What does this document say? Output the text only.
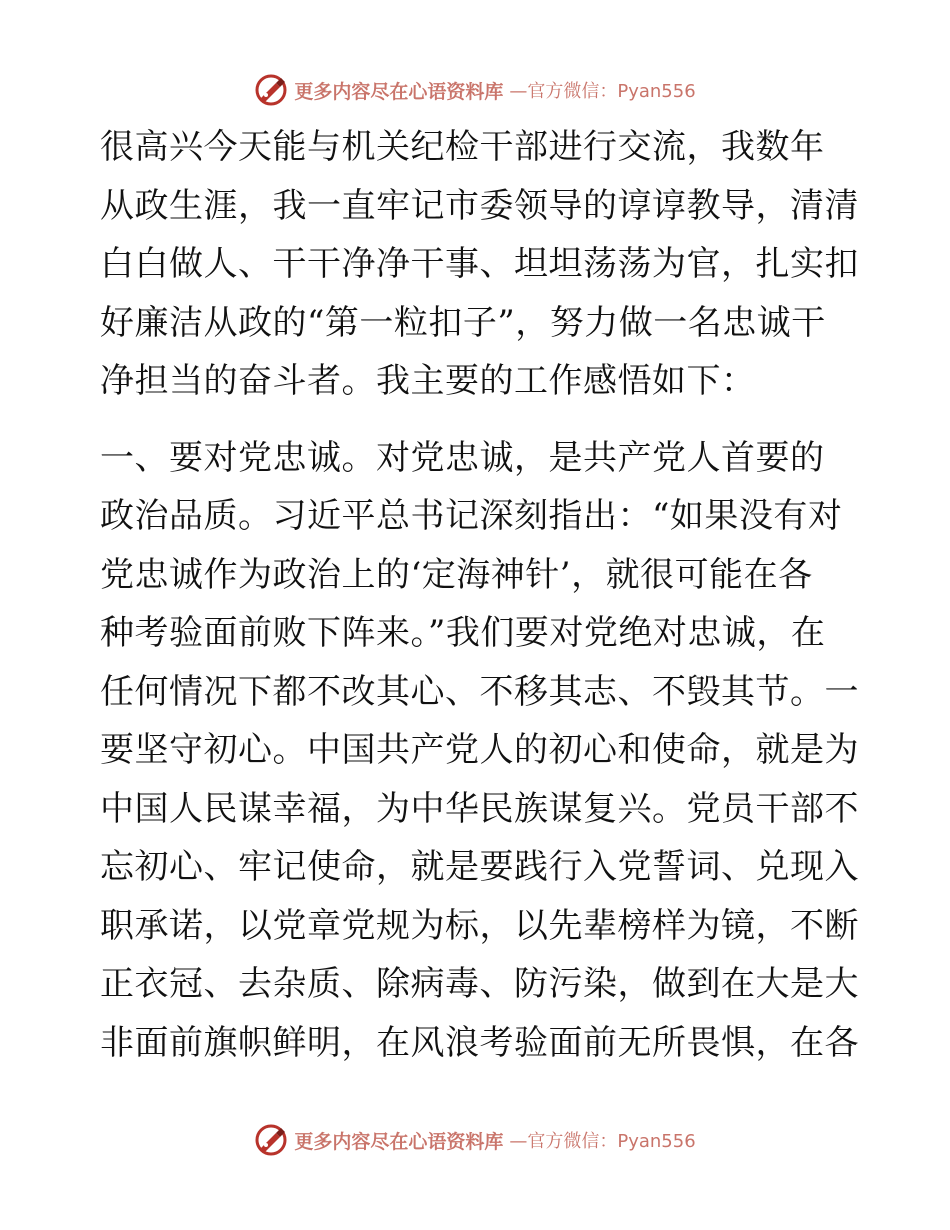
更多内容尽在心语资料库 —官方微信：Pyan556
很高兴今天能与机关纪检干部进行交流，我数年
从政生涯，我一直牢记市委领导的谆谆教导，清清
白白做人、干干净净干事、坦坦荡荡为官，扎实扣
好廉洁从政的“第一粒扣子”，努力做一名忠诚干
净担当的奋斗者。我主要的工作感悟如下：
一、要对党忠诚。对党忠诚，是共产党人首要的
政治品质。习近平总书记深刻指出：“如果没有对
党忠诚作为政治上的‘定海神针’，就很可能在各
种考验面前败下阵来。”我们要对党绝对忠诚，在
任何情况下都不改其心、不移其志、不毁其节。一
要坚守初心。中国共产党人的初心和使命，就是为
中国人民谋幸福，为中华民族谋复兴。党员干部不
忘初心、牢记使命，就是要践行入党誓词、兑现入
职承诺，以党章党规为标，以先辈榜样为镜，不断
正衣冠、去杂质、除病毒、防污染，做到在大是大
非面前旗帜鲜明，在风浪考验面前无所畏惧，在各
更多内容尽在心语资料库 —官方微信：Pyan556
